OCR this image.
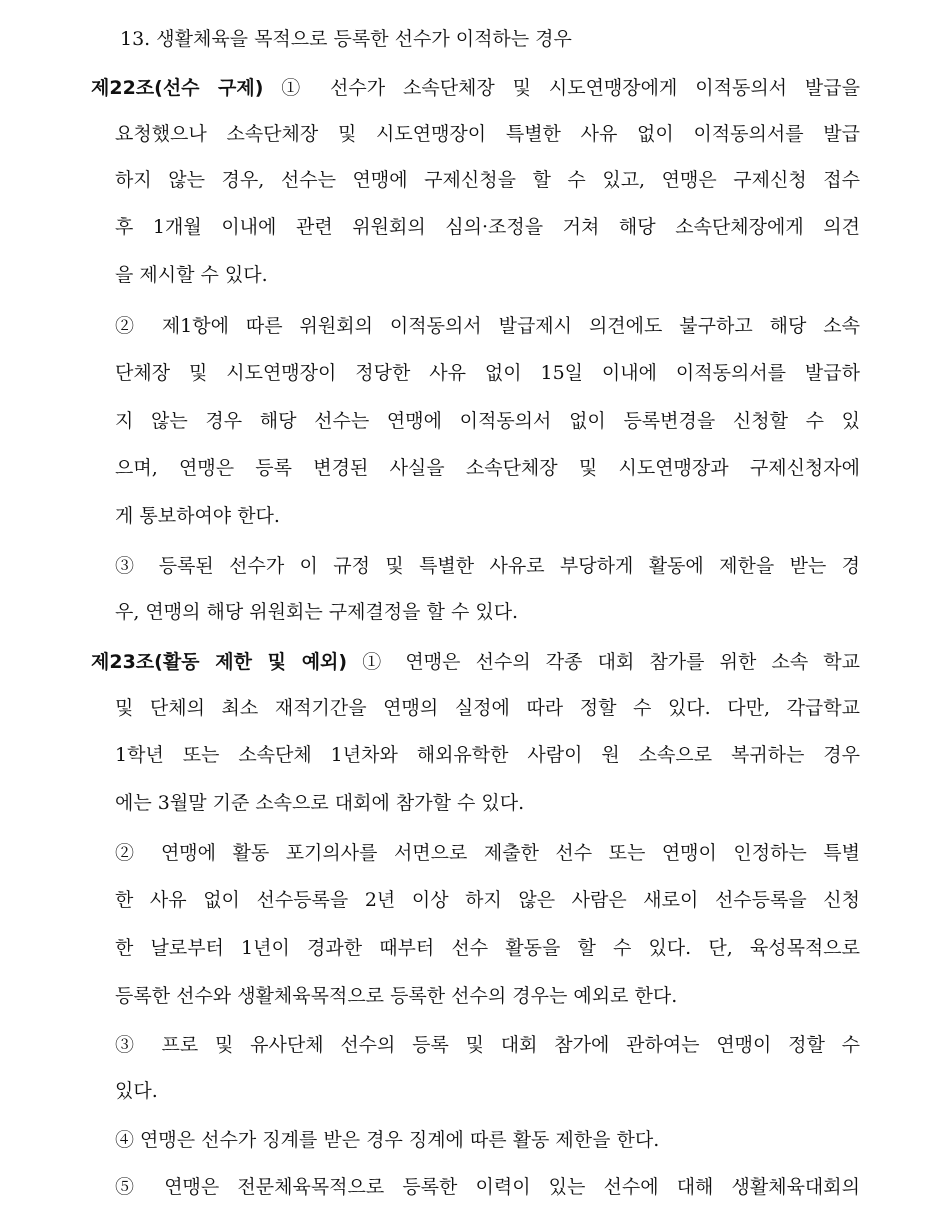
13. 생활체육을 목적으로 등록한 선수가 이적하는 경우

제22조(선수 구제) ① 선수가 소속단체장 및 시도연맹장에게 이적동의서 발급을

요청했으나 소속단체장 및 시도연맹장이 특별한 사유 없이 이적동의서를 발급

하지 않는 경우, 선수는 연맹에 구제신청을 할 수 있고, 연맹은 구제신청 접수

후 1개월 이내에 관련 위원회의 심의·조정을 거쳐 해당 소속단체장에게 의견

을 제시할 수 있다.

② 제1항에 따른 위원회의 이적동의서 발급제시 의견에도 불구하고 해당 소속

단체장 및 시도연맹장이 정당한 사유 없이 15일 이내에 이적동의서를 발급하

지 않는 경우 해당 선수는 연맹에 이적동의서 없이 등록변경을 신청할 수 있

으며, 연맹은 등록 변경된 사실을 소속단체장 및 시도연맹장과 구제신청자에

게 통보하여야 한다.

③ 등록된 선수가 이 규정 및 특별한 사유로 부당하게 활동에 제한을 받는 경

우, 연맹의 해당 위원회는 구제결정을 할 수 있다.

제23조(활동 제한 및 예외) ① 연맹은 선수의 각종 대회 참가를 위한 소속 학교

및 단체의 최소 재적기간을 연맹의 실정에 따라 정할 수 있다. 다만, 각급학교

1학년 또는 소속단체 1년차와 해외유학한 사람이 원 소속으로 복귀하는 경우

에는 3월말 기준 소속으로 대회에 참가할 수 있다.

② 연맹에 활동 포기의사를 서면으로 제출한 선수 또는 연맹이 인정하는 특별

한 사유 없이 선수등록을 2년 이상 하지 않은 사람은 새로이 선수등록을 신청

한 날로부터 1년이 경과한 때부터 선수 활동을 할 수 있다. 단, 육성목적으로

등록한 선수와 생활체육목적으로 등록한 선수의 경우는 예외로 한다.

③ 프로 및 유사단체 선수의 등록 및 대회 참가에 관하여는 연맹이 정할 수

있다.

④ 연맹은 선수가 징계를 받은 경우 징계에 따른 활동 제한을 한다.

⑤ 연맹은 전문체육목적으로 등록한 이력이 있는 선수에 대해 생활체육대회의
